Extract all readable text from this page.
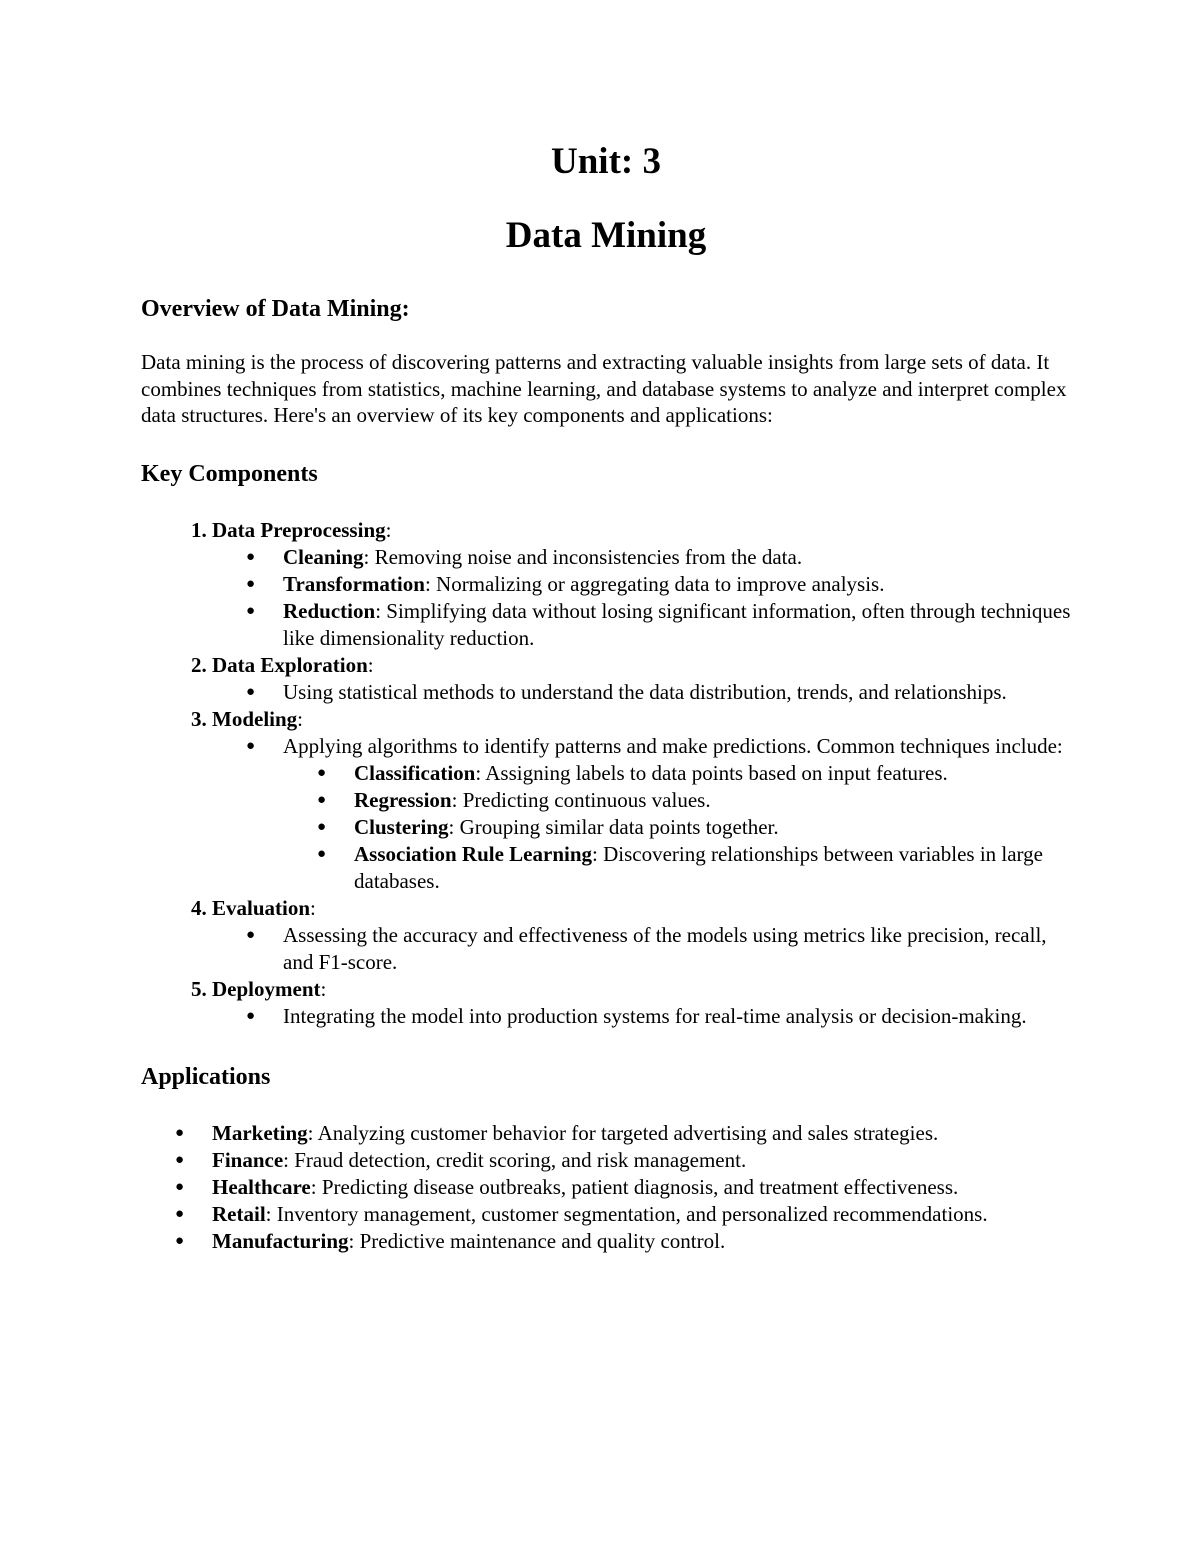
Unit: 3
Data Mining
Overview of Data Mining:

Data mining is the process of discovering patterns and extracting valuable insights from large sets of data. It combines techniques from statistics, machine learning, and database systems to analyze and interpret complex data structures. Here's an overview of its key components and applications:

Key Components
1. Data Preprocessing:
● Cleaning: Removing noise and inconsistencies from the data.
● Transformation: Normalizing or aggregating data to improve analysis.
● Reduction: Simplifying data without losing significant information, often through techniques like dimensionality reduction.
2. Data Exploration:
● Using statistical methods to understand the data distribution, trends, and relationships.
3. Modeling:
● Applying algorithms to identify patterns and make predictions. Common techniques include:
● Classification: Assigning labels to data points based on input features.
● Regression: Predicting continuous values.
● Clustering: Grouping similar data points together.
● Association Rule Learning: Discovering relationships between variables in large databases.
4. Evaluation:
● Assessing the accuracy and effectiveness of the models using metrics like precision, recall, and F1-score.
5. Deployment:
● Integrating the model into production systems for real-time analysis or decision-making.
Applications
● Marketing: Analyzing customer behavior for targeted advertising and sales strategies.
● Finance: Fraud detection, credit scoring, and risk management.
● Healthcare: Predicting disease outbreaks, patient diagnosis, and treatment effectiveness.
● Retail: Inventory management, customer segmentation, and personalized recommendations.
● Manufacturing: Predictive maintenance and quality control.
